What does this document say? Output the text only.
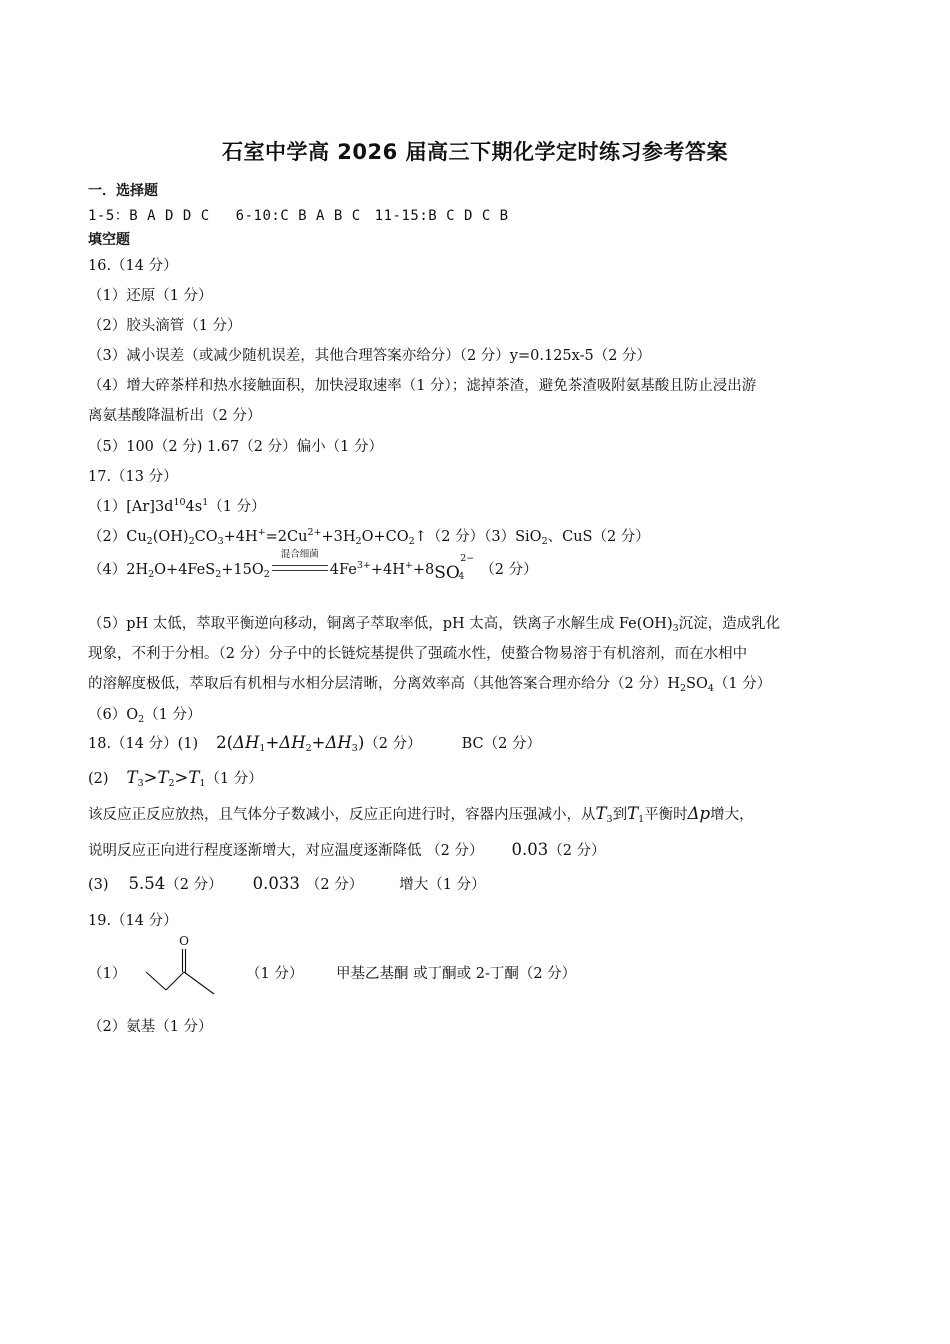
石室中学高 2026 届高三下期化学定时练习参考答案
一．选择题
1-5：B A D D C 6-10:C B A B C 11-15:B C D C B
填空题
16.（14 分）
（1）还原（1 分）
（2）胶头滴管（1 分）
（3）减小误差（或减少随机误差，其他合理答案亦给分）（2 分）y=0.125x-5（2 分）
（4）增大碎茶样和热水接触面积，加快浸取速率（1 分）；滤掉茶渣，避免茶渣吸附氨基酸且防止浸出游
离氨基酸降温析出（2 分）
（5）100（2 分) 1.67（2 分）偏小（1 分）
17.（13 分）
$(1)[Ar]3d^{10}4s^1(1$ 分）
$(2)Cu_2(OH)_2CO_3+4H^+=2Cu^{2+}+3H_2O+CO_2↑(2$ 分）（3）SiO$_2$、CuS（2 分）
$(4)2H_2O+4FeS_2+15O_2$
混合细菌
$4Fe^{3+}+4H^++8SO$
2−
4 （2 分）
（5）pH 太低，萃取平衡逆向移动，铜离子萃取率低，pH 太高，铁离子水解生成 $Fe(OH)_3$沉淀，造成乳化
现象，不利于分相。（2 分）分子中的长链烷基提供了强疏水性，使螯合物易溶于有机溶剂，而在水相中
的溶解度极低，萃取后有机相与水相分层清晰，分离效率高（其他答案合理亦给分（2 分）$H_2SO_4(1$ 分）
$(6)O_2(1$ 分）
18.（14 分）(1) $2(\Delta H_1+\Delta H_2+\Delta H_3)(2$ 分）	BC（2 分）
(2) $T_3>T_2>T_1(1$ 分）
该反应正反应放热，且气体分子数减小，反应正向进行时，容器内压强减小，从$T_3$到$T_1$平衡时Δp增大，
说明反应正向进行程度逐渐增大，对应温度逐渐降低 （2 分） 0.03（2 分）
(3) 5.54（2 分） 0.033 （2 分） 增大（1 分）
19.（14 分）
（1）
O
（1 分） 甲基乙基酮 或丁酮或 2-丁酮（2 分）
（2）氨基（1 分）
